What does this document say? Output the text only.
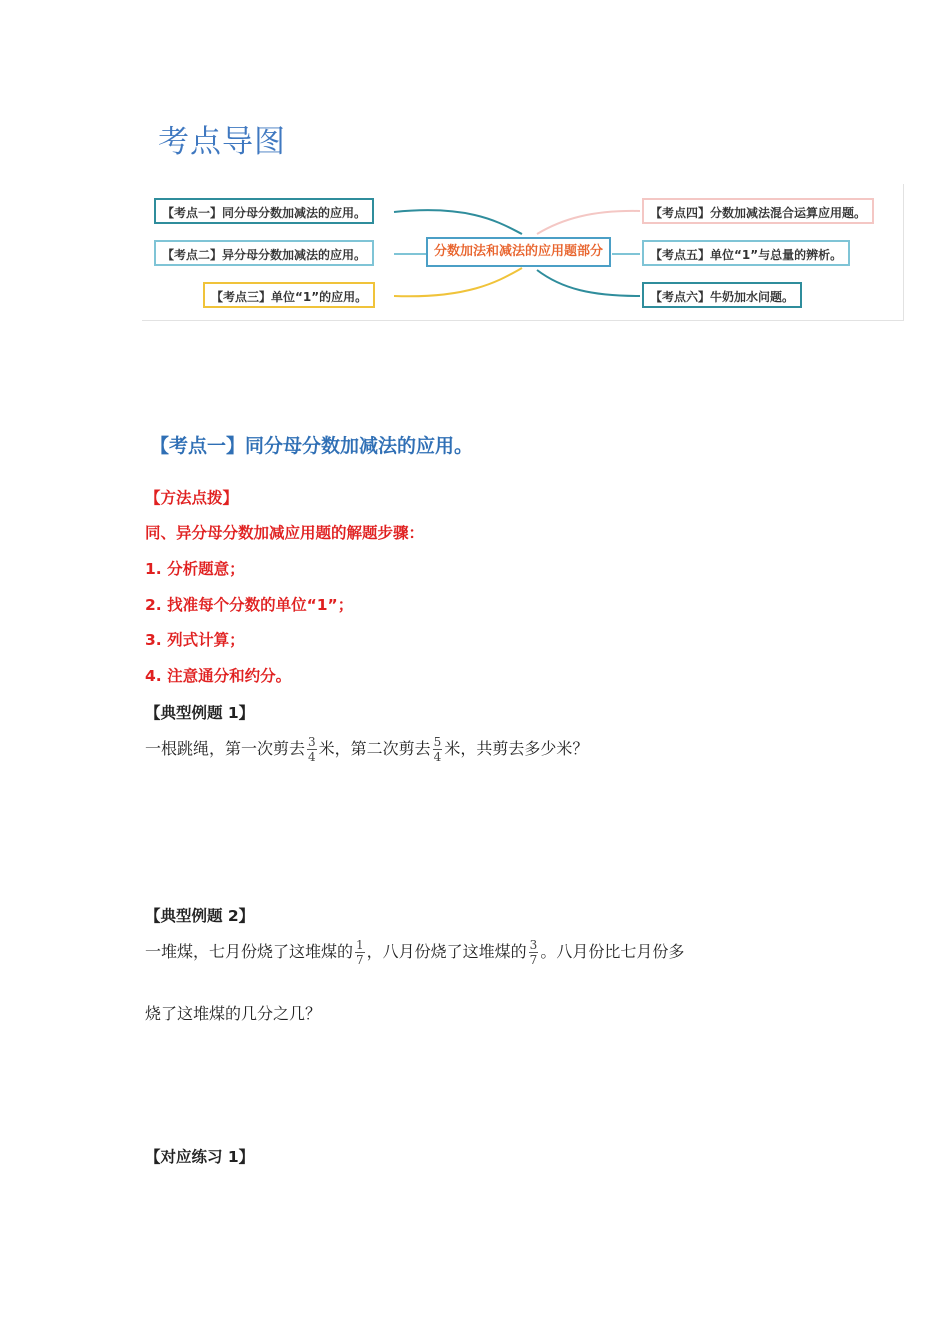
考点导图
【考点一】同分母分数加减法的应用。
【考点二】异分母分数加减法的应用。
【考点三】单位“1”的应用。
分数加法和减法的应用题部分
【考点四】分数加减法混合运算应用题。
【考点五】单位“1”与总量的辨析。
【考点六】牛奶加水问题。
【考点一】同分母分数加减法的应用。
【方法点拨】
同、异分母分数加减应用题的解题步骤：
1. 分析题意；
2. 找准每个分数的单位“1”；
3. 列式计算；
4. 注意通分和约分。
【典型例题 1】
一根跳绳，第一次剪去 $\frac{3}{4}$ 米，第二次剪去 $\frac{5}{4}$ 米，共剪去多少米？
【典型例题 2】
一堆煤，七月份烧了这堆煤的 $\frac{1}{7}$ ，八月份烧了这堆煤的 $\frac{3}{7}$ 。八月份比七月份多
烧了这堆煤的几分之几？
【对应练习 1】
